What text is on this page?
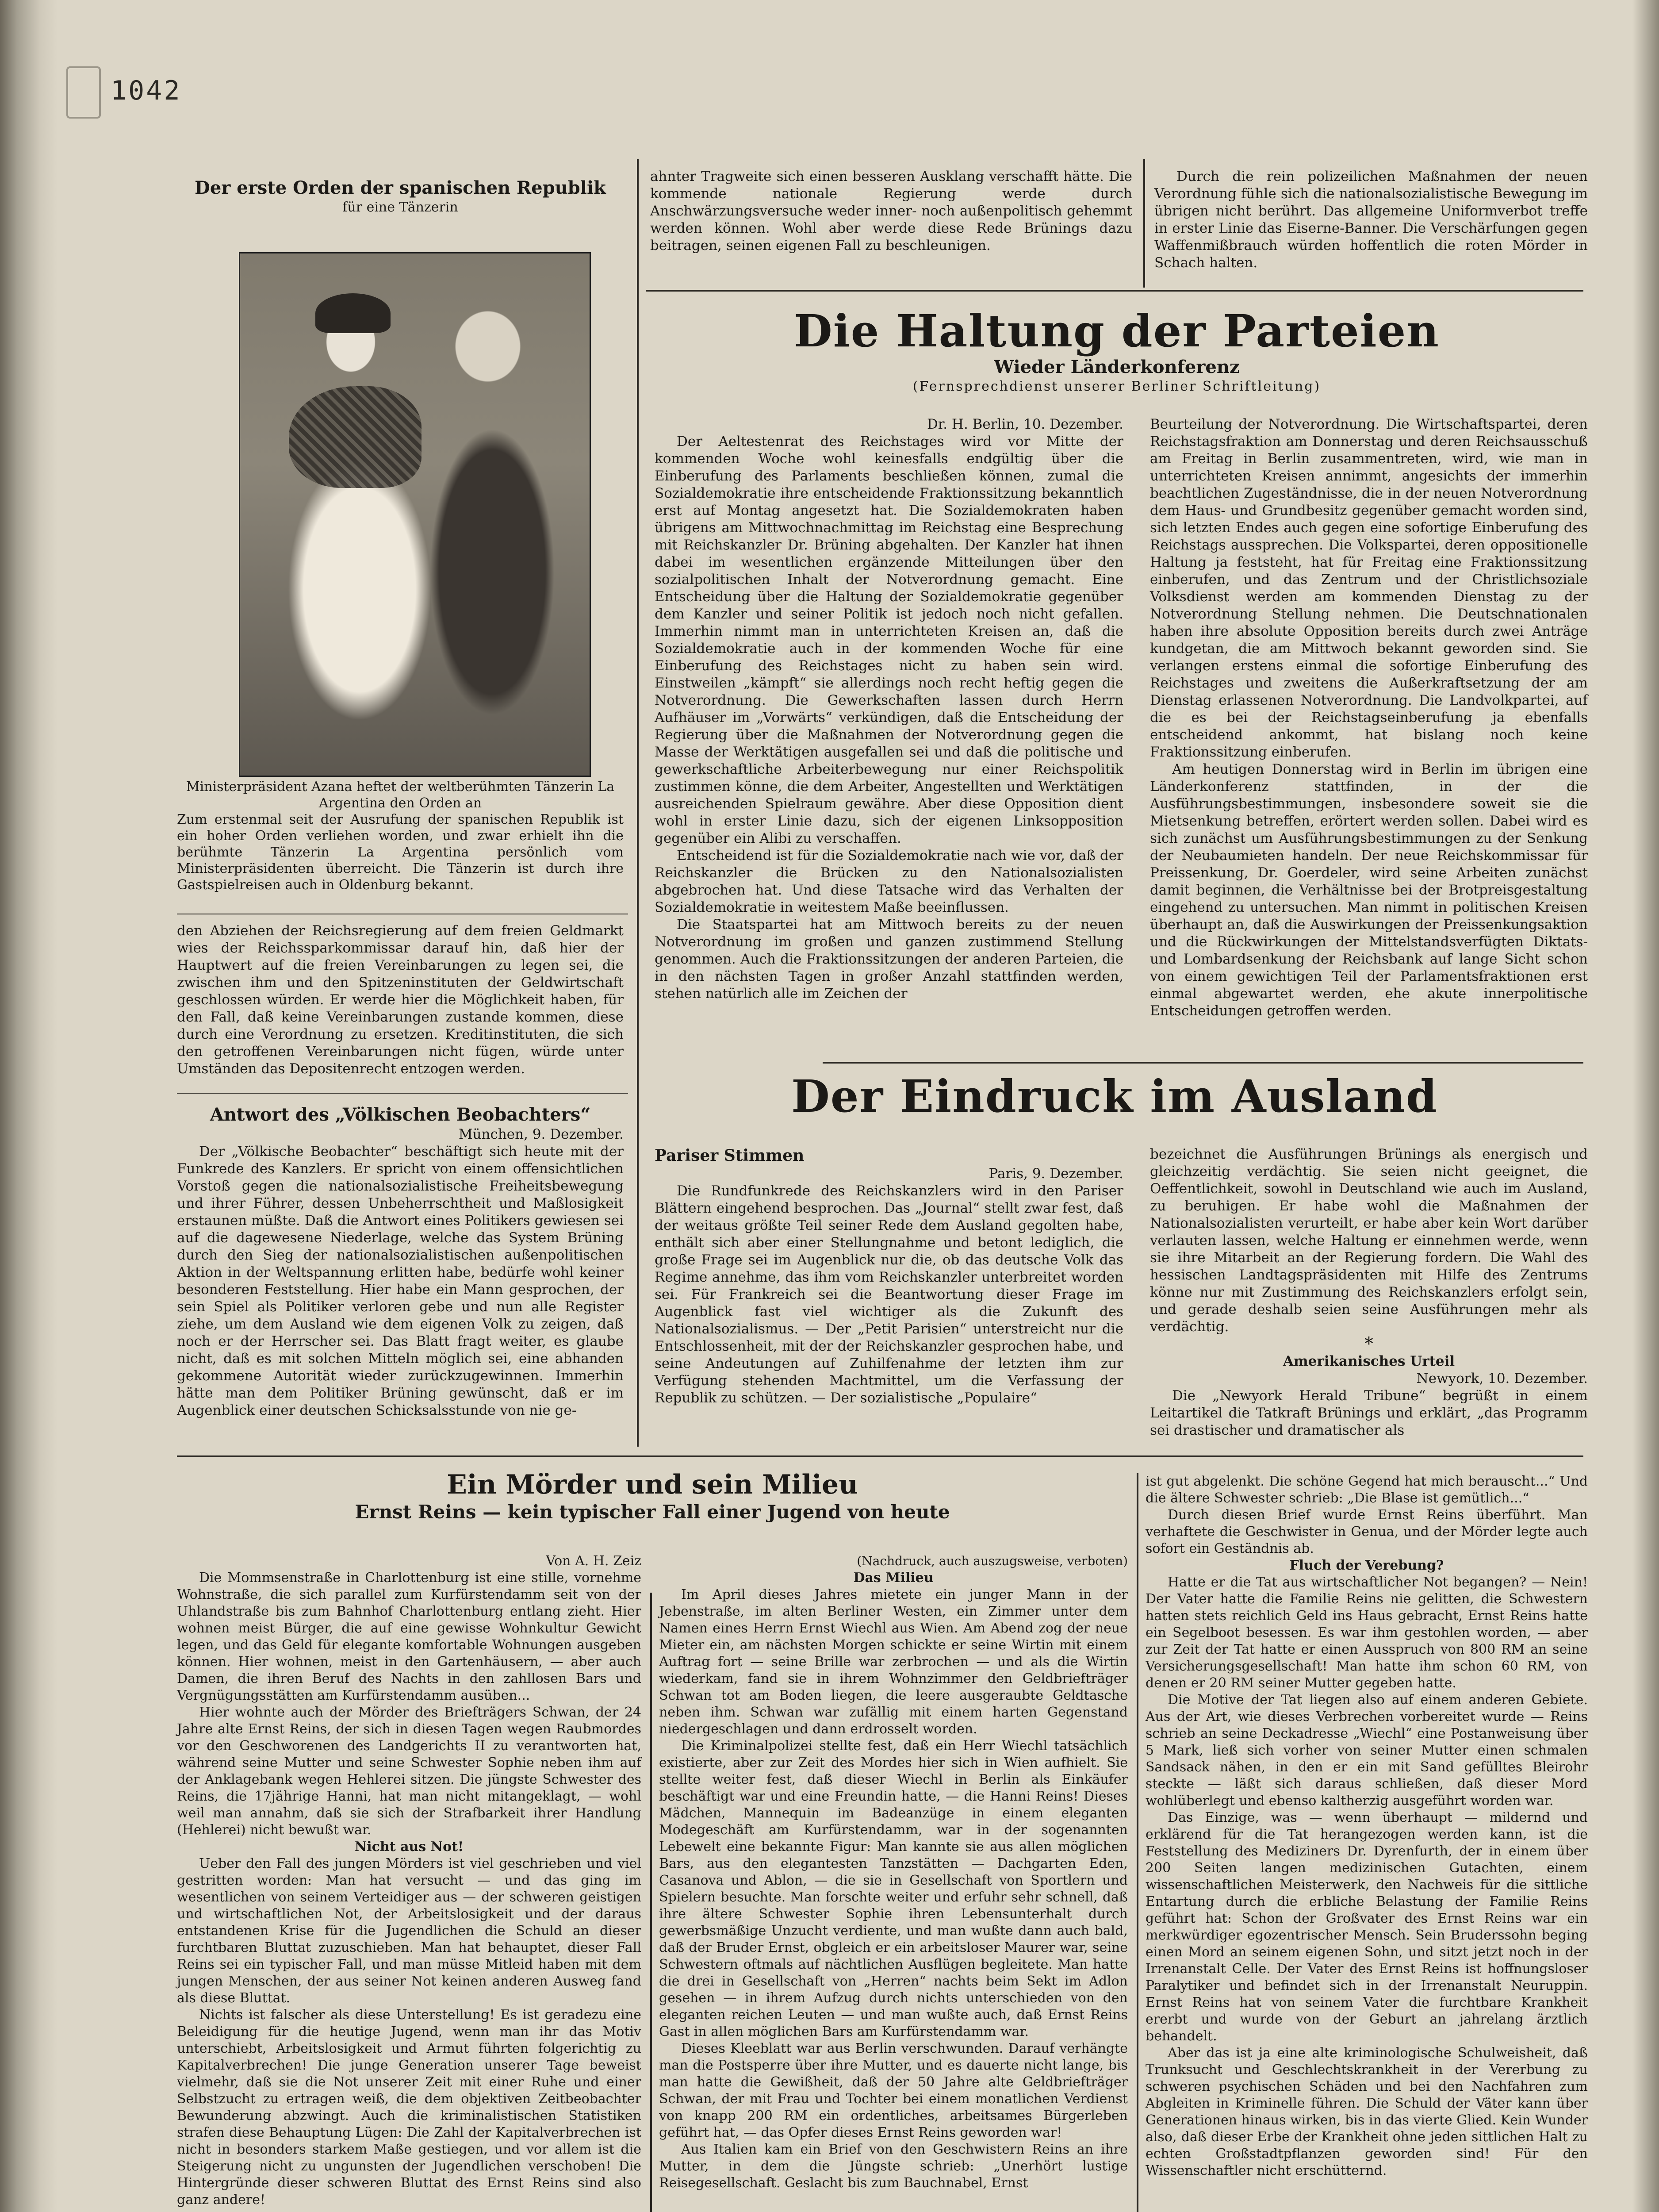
1042
Der erste Orden der spanischen Republik
für eine Tänzerin
Ministerpräsident Azana heftet der weltberühmten Tänzerin La Argentina den Orden an
Zum erstenmal seit der Ausrufung der spanischen Republik ist ein hoher Orden verliehen worden, und zwar erhielt ihn die berühmte Tänzerin La Argentina persönlich vom Ministerpräsidenten überreicht. Die Tänzerin ist durch ihre Gastspielreisen auch in Oldenburg bekannt.

den Abziehen der Reichsregierung auf dem freien Geldmarkt wies der Reichssparkommissar darauf hin, daß hier der Hauptwert auf die freien Vereinbarungen zu legen sei, die zwischen ihm und den Spitzeninstituten der Geldwirtschaft geschlossen würden. Er werde hier die Möglichkeit haben, für den Fall, daß keine Vereinbarungen zustande kommen, diese durch eine Verordnung zu ersetzen. Kreditinstituten, die sich den getroffenen Vereinbarungen nicht fügen, würde unter Umständen das Depositenrecht entzogen werden.

Antwort des „Völkischen Beobachters“
München, 9. Dezember.

Der „Völkische Beobachter“ beschäftigt sich heute mit der Funkrede des Kanzlers. Er spricht von einem offensichtlichen Vorstoß gegen die nationalsozialistische Freiheitsbewegung und ihrer Führer, dessen Unbeherrschtheit und Maßlosigkeit erstaunen müßte. Daß die Antwort eines Politikers gewiesen sei auf die dagewesene Niederlage, welche das System Brüning durch den Sieg der nationalsozialistischen außenpolitischen Aktion in der Weltspannung erlitten habe, bedürfe wohl keiner besonderen Feststellung. Hier habe ein Mann gesprochen, der sein Spiel als Politiker verloren gebe und nun alle Register ziehe, um dem Ausland wie dem eigenen Volk zu zeigen, daß noch er der Herrscher sei. Das Blatt fragt weiter, es glaube nicht, daß es mit solchen Mitteln möglich sei, eine abhanden gekommene Autorität wieder zurückzugewinnen. Immerhin hätte man dem Politiker Brüning gewünscht, daß er im Augenblick einer deutschen Schicksalsstunde von nie ge-

ahnter Tragweite sich einen besseren Ausklang verschafft hätte. Die kommende nationale Regierung werde durch Anschwärzungsversuche weder inner- noch außenpolitisch gehemmt werden können. Wohl aber werde diese Rede Brünings dazu beitragen, seinen eigenen Fall zu beschleunigen.

Durch die rein polizeilichen Maßnahmen der neuen Verordnung fühle sich die nationalsozialistische Bewegung im übrigen nicht berührt. Das allgemeine Uniformverbot treffe in erster Linie das Eiserne-Banner. Die Verschärfungen gegen Waffenmißbrauch würden hoffentlich die roten Mörder in Schach halten.

Die Haltung der Parteien
Wieder Länderkonferenz
(Fernsprechdienst unserer Berliner Schriftleitung)
Dr. H. Berlin, 10. Dezember.

Der Aeltestenrat des Reichstages wird vor Mitte der kommenden Woche wohl keinesfalls endgültig über die Einberufung des Parlaments beschließen können, zumal die Sozialdemokratie ihre entscheidende Fraktionssitzung bekanntlich erst auf Montag angesetzt hat. Die Sozialdemokraten haben übrigens am Mittwochnachmittag im Reichstag eine Besprechung mit Reichskanzler Dr. Brüning abgehalten. Der Kanzler hat ihnen dabei im wesentlichen ergänzende Mitteilungen über den sozialpolitischen Inhalt der Notverordnung gemacht. Eine Entscheidung über die Haltung der Sozialdemokratie gegenüber dem Kanzler und seiner Politik ist jedoch noch nicht gefallen. Immerhin nimmt man in unterrichteten Kreisen an, daß die Sozialdemokratie auch in der kommenden Woche für eine Einberufung des Reichstages nicht zu haben sein wird. Einstweilen „kämpft“ sie allerdings noch recht heftig gegen die Notverordnung. Die Gewerkschaften lassen durch Herrn Aufhäuser im „Vorwärts“ verkündigen, daß die Entscheidung der Regierung über die Maßnahmen der Notverordnung gegen die Masse der Werktätigen ausgefallen sei und daß die politische und gewerkschaftliche Arbeiterbewegung nur einer Reichspolitik zustimmen könne, die dem Arbeiter, Angestellten und Werktätigen ausreichenden Spielraum gewähre. Aber diese Opposition dient wohl in erster Linie dazu, sich der eigenen Linksopposition gegenüber ein Alibi zu verschaffen.

Entscheidend ist für die Sozialdemokratie nach wie vor, daß der Reichskanzler die Brücken zu den Nationalsozialisten abgebrochen hat. Und diese Tatsache wird das Verhalten der Sozialdemokratie in weitestem Maße beeinflussen.

Die Staatspartei hat am Mittwoch bereits zu der neuen Notverordnung im großen und ganzen zustimmend Stellung genommen. Auch die Fraktionssitzungen der anderen Parteien, die in den nächsten Tagen in großer Anzahl stattfinden werden, stehen natürlich alle im Zeichen der

Beurteilung der Notverordnung. Die Wirtschaftspartei, deren Reichstagsfraktion am Donnerstag und deren Reichsausschuß am Freitag in Berlin zusammentreten, wird, wie man in unterrichteten Kreisen annimmt, angesichts der immerhin beachtlichen Zugeständnisse, die in der neuen Notverordnung dem Haus- und Grundbesitz gegenüber gemacht worden sind, sich letzten Endes auch gegen eine sofortige Einberufung des Reichstags aussprechen. Die Volkspartei, deren oppositionelle Haltung ja feststeht, hat für Freitag eine Fraktionssitzung einberufen, und das Zentrum und der Christlichsoziale Volksdienst werden am kommenden Dienstag zu der Notverordnung Stellung nehmen. Die Deutschnationalen haben ihre absolute Opposition bereits durch zwei Anträge kundgetan, die am Mittwoch bekannt geworden sind. Sie verlangen erstens einmal die sofortige Einberufung des Reichstages und zweitens die Außerkraftsetzung der am Dienstag erlassenen Notverordnung. Die Landvolkpartei, auf die es bei der Reichstagseinberufung ja ebenfalls entscheidend ankommt, hat bislang noch keine Fraktionssitzung einberufen.

Am heutigen Donnerstag wird in Berlin im übrigen eine Länderkonferenz stattfinden, in der die Ausführungsbestimmungen, insbesondere soweit sie die Mietsenkung betreffen, erörtert werden sollen. Dabei wird es sich zunächst um Ausführungsbestimmungen zu der Senkung der Neubaumieten handeln. Der neue Reichskommissar für Preissenkung, Dr. Goerdeler, wird seine Arbeiten zunächst damit beginnen, die Verhältnisse bei der Brotpreisgestaltung eingehend zu untersuchen. Man nimmt in politischen Kreisen überhaupt an, daß die Auswirkungen der Preissenkungsaktion und die Rückwirkungen der Mittelstandsverfügten Diktats- und Lombardsenkung der Reichsbank auf lange Sicht schon von einem gewichtigen Teil der Parlamentsfraktionen erst einmal abgewartet werden, ehe akute innerpolitische Entscheidungen getroffen werden.

Der Eindruck im Ausland
Pariser Stimmen
Paris, 9. Dezember.

Die Rundfunkrede des Reichskanzlers wird in den Pariser Blättern eingehend besprochen. Das „Journal“ stellt zwar fest, daß der weitaus größte Teil seiner Rede dem Ausland gegolten habe, enthält sich aber einer Stellungnahme und betont lediglich, die große Frage sei im Augenblick nur die, ob das deutsche Volk das Regime annehme, das ihm vom Reichskanzler unterbreitet worden sei. Für Frankreich sei die Beantwortung dieser Frage im Augenblick fast viel wichtiger als die Zukunft des Nationalsozialismus. — Der „Petit Parisien“ unterstreicht nur die Entschlossenheit, mit der der Reichskanzler gesprochen habe, und seine Andeutungen auf Zuhilfenahme der letzten ihm zur Verfügung stehenden Machtmittel, um die Verfassung der Republik zu schützen. — Der sozialistische „Populaire“

bezeichnet die Ausführungen Brünings als energisch und gleichzeitig verdächtig. Sie seien nicht geeignet, die Oeffentlichkeit, sowohl in Deutschland wie auch im Ausland, zu beruhigen. Er habe wohl die Maßnahmen der Nationalsozialisten verurteilt, er habe aber kein Wort darüber verlauten lassen, welche Haltung er einnehmen werde, wenn sie ihre Mitarbeit an der Regierung fordern. Die Wahl des hessischen Landtagspräsidenten mit Hilfe des Zentrums könne nur mit Zustimmung des Reichskanzlers erfolgt sein, und gerade deshalb seien seine Ausführungen mehr als verdächtig.

*
Amerikanisches Urteil
Newyork, 10. Dezember.

Die „Newyork Herald Tribune“ begrüßt in einem Leitartikel die Tatkraft Brünings und erklärt, „das Programm sei drastischer und dramatischer als

Ein Mörder und sein Milieu
Ernst Reins — kein typischer Fall einer Jugend von heute
Von A. H. Zeiz

Die Mommsenstraße in Charlottenburg ist eine stille, vornehme Wohnstraße, die sich parallel zum Kurfürstendamm seit von der Uhlandstraße bis zum Bahnhof Charlottenburg entlang zieht. Hier wohnen meist Bürger, die auf eine gewisse Wohnkultur Gewicht legen, und das Geld für elegante komfortable Wohnungen ausgeben können. Hier wohnen, meist in den Gartenhäusern, — aber auch Damen, die ihren Beruf des Nachts in den zahllosen Bars und Vergnügungsstätten am Kurfürstendamm ausüben...

Hier wohnte auch der Mörder des Briefträgers Schwan, der 24 Jahre alte Ernst Reins, der sich in diesen Tagen wegen Raubmordes vor den Geschworenen des Landgerichts II zu verantworten hat, während seine Mutter und seine Schwester Sophie neben ihm auf der Anklagebank wegen Hehlerei sitzen. Die jüngste Schwester des Reins, die 17jährige Hanni, hat man nicht mitangeklagt, — wohl weil man annahm, daß sie sich der Strafbarkeit ihrer Handlung (Hehlerei) nicht bewußt war.

Nicht aus Not!

Ueber den Fall des jungen Mörders ist viel geschrieben und viel gestritten worden: Man hat versucht — und das ging im wesentlichen von seinem Verteidiger aus — der schweren geistigen und wirtschaftlichen Not, der Arbeitslosigkeit und der daraus entstandenen Krise für die Jugendlichen die Schuld an dieser furchtbaren Bluttat zuzuschieben. Man hat behauptet, dieser Fall Reins sei ein typischer Fall, und man müsse Mitleid haben mit dem jungen Menschen, der aus seiner Not keinen anderen Ausweg fand als diese Bluttat.

Nichts ist falscher als diese Unterstellung! Es ist geradezu eine Beleidigung für die heutige Jugend, wenn man ihr das Motiv unterschiebt, Arbeitslosigkeit und Armut führten folgerichtig zu Kapitalverbrechen! Die junge Generation unserer Tage beweist vielmehr, daß sie die Not unserer Zeit mit einer Ruhe und einer Selbstzucht zu ertragen weiß, die dem objektiven Zeitbeobachter Bewunderung abzwingt. Auch die kriminalistischen Statistiken strafen diese Behauptung Lügen: Die Zahl der Kapitalverbrechen ist nicht in besonders starkem Maße gestiegen, und vor allem ist die Steigerung nicht zu ungunsten der Jugendlichen verschoben! Die Hintergründe dieser schweren Bluttat des Ernst Reins sind also ganz andere!

(Nachdruck, auch auszugsweise, verboten)
Das Milieu

Im April dieses Jahres mietete ein junger Mann in der Jebenstraße, im alten Berliner Westen, ein Zimmer unter dem Namen eines Herrn Ernst Wiechl aus Wien. Am Abend zog der neue Mieter ein, am nächsten Morgen schickte er seine Wirtin mit einem Auftrag fort — seine Brille war zerbrochen — und als die Wirtin wiederkam, fand sie in ihrem Wohnzimmer den Geldbriefträger Schwan tot am Boden liegen, die leere ausgeraubte Geldtasche neben ihm. Schwan war zufällig mit einem harten Gegenstand niedergeschlagen und dann erdrosselt worden.

Die Kriminalpolizei stellte fest, daß ein Herr Wiechl tatsächlich existierte, aber zur Zeit des Mordes hier sich in Wien aufhielt. Sie stellte weiter fest, daß dieser Wiechl in Berlin als Einkäufer beschäftigt war und eine Freundin hatte, — die Hanni Reins! Dieses Mädchen, Mannequin im Badeanzüge in einem eleganten Modegeschäft am Kurfürstendamm, war in der sogenannten Lebewelt eine bekannte Figur: Man kannte sie aus allen möglichen Bars, aus den elegantesten Tanzstätten — Dachgarten Eden, Casanova und Ablon, — die sie in Gesellschaft von Sportlern und Spielern besuchte. Man forschte weiter und erfuhr sehr schnell, daß ihre ältere Schwester Sophie ihren Lebensunterhalt durch gewerbsmäßige Unzucht verdiente, und man wußte dann auch bald, daß der Bruder Ernst, obgleich er ein arbeitsloser Maurer war, seine Schwestern oftmals auf nächtlichen Ausflügen begleitete. Man hatte die drei in Gesellschaft von „Herren“ nachts beim Sekt im Adlon gesehen — in ihrem Aufzug durch nichts unterschieden von den eleganten reichen Leuten — und man wußte auch, daß Ernst Reins Gast in allen möglichen Bars am Kurfürstendamm war.

Dieses Kleeblatt war aus Berlin verschwunden. Darauf verhängte man die Postsperre über ihre Mutter, und es dauerte nicht lange, bis man hatte die Gewißheit, daß der 50 Jahre alte Geldbriefträger Schwan, der mit Frau und Tochter bei einem monatlichen Verdienst von knapp 200 RM ein ordentliches, arbeitsames Bürgerleben geführt hat, — das Opfer dieses Ernst Reins geworden war!

Aus Italien kam ein Brief von den Geschwistern Reins an ihre Mutter, in dem die Jüngste schrieb: „Unerhört lustige Reisegesellschaft. Geslacht bis zum Bauchnabel, Ernst

ist gut abgelenkt. Die schöne Gegend hat mich berauscht...“ Und die ältere Schwester schrieb: „Die Blase ist gemütlich...“

Durch diesen Brief wurde Ernst Reins überführt. Man verhaftete die Geschwister in Genua, und der Mörder legte auch sofort ein Geständnis ab.

Fluch der Verebung?

Hatte er die Tat aus wirtschaftlicher Not begangen? — Nein! Der Vater hatte die Familie Reins nie gelitten, die Schwestern hatten stets reichlich Geld ins Haus gebracht, Ernst Reins hatte ein Segelboot besessen. Es war ihm gestohlen worden, — aber zur Zeit der Tat hatte er einen Ausspruch von 800 RM an seine Versicherungsgesellschaft! Man hatte ihm schon 60 RM, von denen er 20 RM seiner Mutter gegeben hatte.

Die Motive der Tat liegen also auf einem anderen Gebiete. Aus der Art, wie dieses Verbrechen vorbereitet wurde — Reins schrieb an seine Deckadresse „Wiechl“ eine Postanweisung über 5 Mark, ließ sich vorher von seiner Mutter einen schmalen Sandsack nähen, in den er ein mit Sand gefülltes Bleirohr steckte — läßt sich daraus schließen, daß dieser Mord wohlüberlegt und ebenso kaltherzig ausgeführt worden war.

Das Einzige, was — wenn überhaupt — mildernd und erklärend für die Tat herangezogen werden kann, ist die Feststellung des Mediziners Dr. Dyrenfurth, der in einem über 200 Seiten langen medizinischen Gutachten, einem wissenschaftlichen Meisterwerk, den Nachweis für die sittliche Entartung durch die erbliche Belastung der Familie Reins geführt hat: Schon der Großvater des Ernst Reins war ein merkwürdiger egozentrischer Mensch. Sein Bruderssohn beging einen Mord an seinem eigenen Sohn, und sitzt jetzt noch in der Irrenanstalt Celle. Der Vater des Ernst Reins ist hoffnungsloser Paralytiker und befindet sich in der Irrenanstalt Neuruppin. Ernst Reins hat von seinem Vater die furchtbare Krankheit ererbt und wurde von der Geburt an jahrelang ärztlich behandelt.

Aber das ist ja eine alte kriminologische Schulweisheit, daß Trunksucht und Geschlechtskrankheit in der Vererbung zu schweren psychischen Schäden und bei den Nachfahren zum Abgleiten in Kriminelle führen. Die Schuld der Väter kann über Generationen hinaus wirken, bis in das vierte Glied. Kein Wunder also, daß dieser Erbe der Krankheit ohne jeden sittlichen Halt zu echten Großstadtpflanzen geworden sind! Für den Wissenschaftler nicht erschütternd.
